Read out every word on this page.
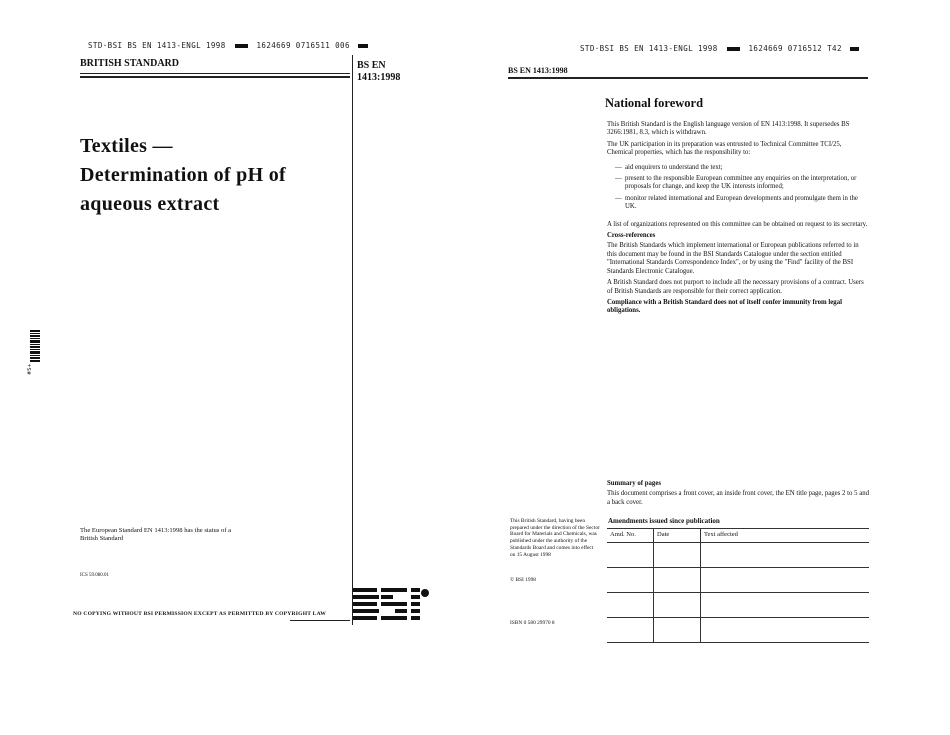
STD·BSI BS EN 1413-ENGL 1998	1624669 0716511 006
BRITISH STANDARD	BS EN
1413:1998
Textiles —
Determination of pH of
aqueous extract
The European Standard EN 1413:1998 has the status of a
British Standard
ICS 59.080.01
NO COPYING WITHOUT BSI PERMISSION EXCEPT AS PERMITTED BY COPYRIGHT LAW
#S+
STD·BSI BS EN 1413-ENGL 1998	1624669 0716512 T42
BS EN 1413:1998
National foreword
This British Standard is the English language version of EN 1413:1998. It supersedes BS 3266:1981, 8.3, which is withdrawn.
The UK participation in its preparation was entrusted to Technical Committee TCI/25, Chemical properties, which has the responsibility to:
— aid enquirers to understand the text;
— present to the responsible European committee any enquiries on the interpretation, or proposals for change, and keep the UK interests informed;
— monitor related international and European developments and promulgate them in the UK.
A list of organizations represented on this committee can be obtained on request to its secretary.
Cross-references
The British Standards which implement international or European publications referred to in this document may be found in the BSI Standards Catalogue under the section entitled "International Standards Correspondence Index", or by using the "Find" facility of the BSI Standards Electronic Catalogue.
A British Standard does not purport to include all the necessary provisions of a contract. Users of British Standards are responsible for their correct application.
Compliance with a British Standard does not of itself confer immunity from legal obligations.
Summary of pages
This document comprises a front cover, an inside front cover, the EN title page, pages 2 to 5 and a back cover.
This British Standard, having been prepared under the direction of the Sector Board for Materials and Chemicals, was published under the authority of the Standards Board and comes into effect on 15 August 1998
© BSI 1998
ISBN 0 580 29970 8
Amendments issued since publication
Amd. No.	Date	Text affected
